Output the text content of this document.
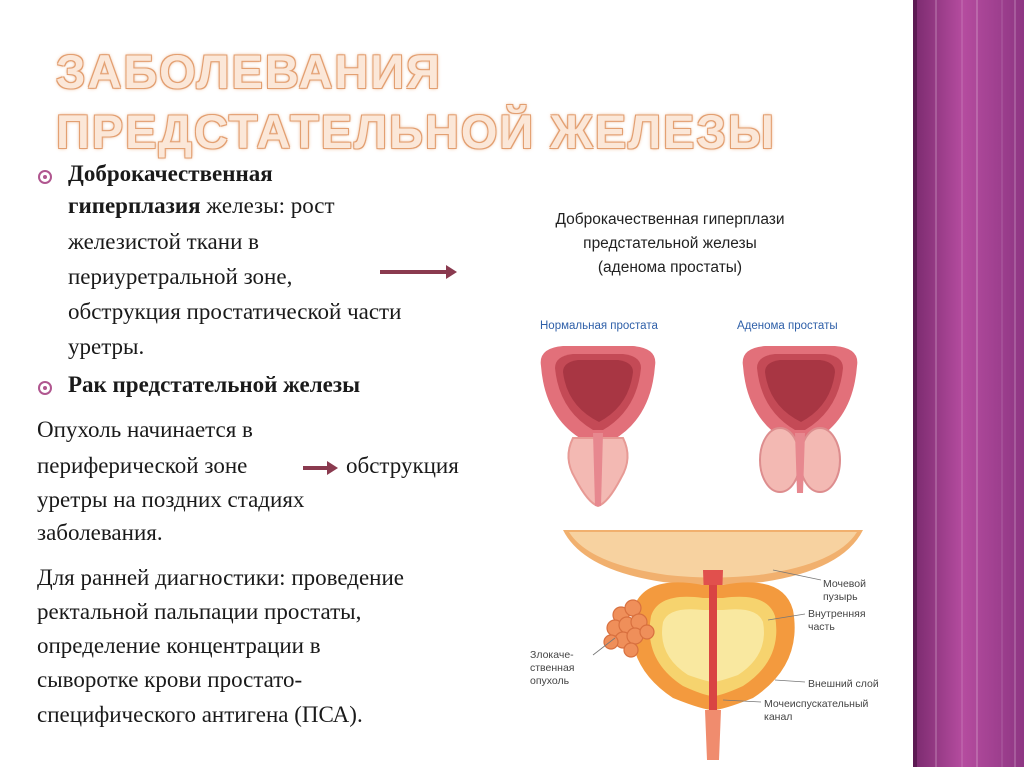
ЗАБОЛЕВАНИЯ ПРЕДСТАТЕЛЬНОЙ ЖЕЛЕЗЫ
Доброкачественная
гиперплазия железы: рост
железистой ткани в
периуретральной зоне,
обструкция простатической части
уретры.
Рак предстательной железы
Опухоль начинается в
периферической зоне	обструкция
уретры на поздних стадиях
заболевания.
Для ранней диагностики: проведение
ректальной пальпации простаты,
определение концентрации в
сыворотке крови простато-
специфического антигена (ПСА).
Доброкачественная гиперплази
предстательной железы
(аденома простаты)
Нормальная простата	Аденома простаты
Мочевой
пузырь
Внутренняя
часть
Злокаче-
ственная
опухоль	Внешний слой
Мочеиспускательный
канал
